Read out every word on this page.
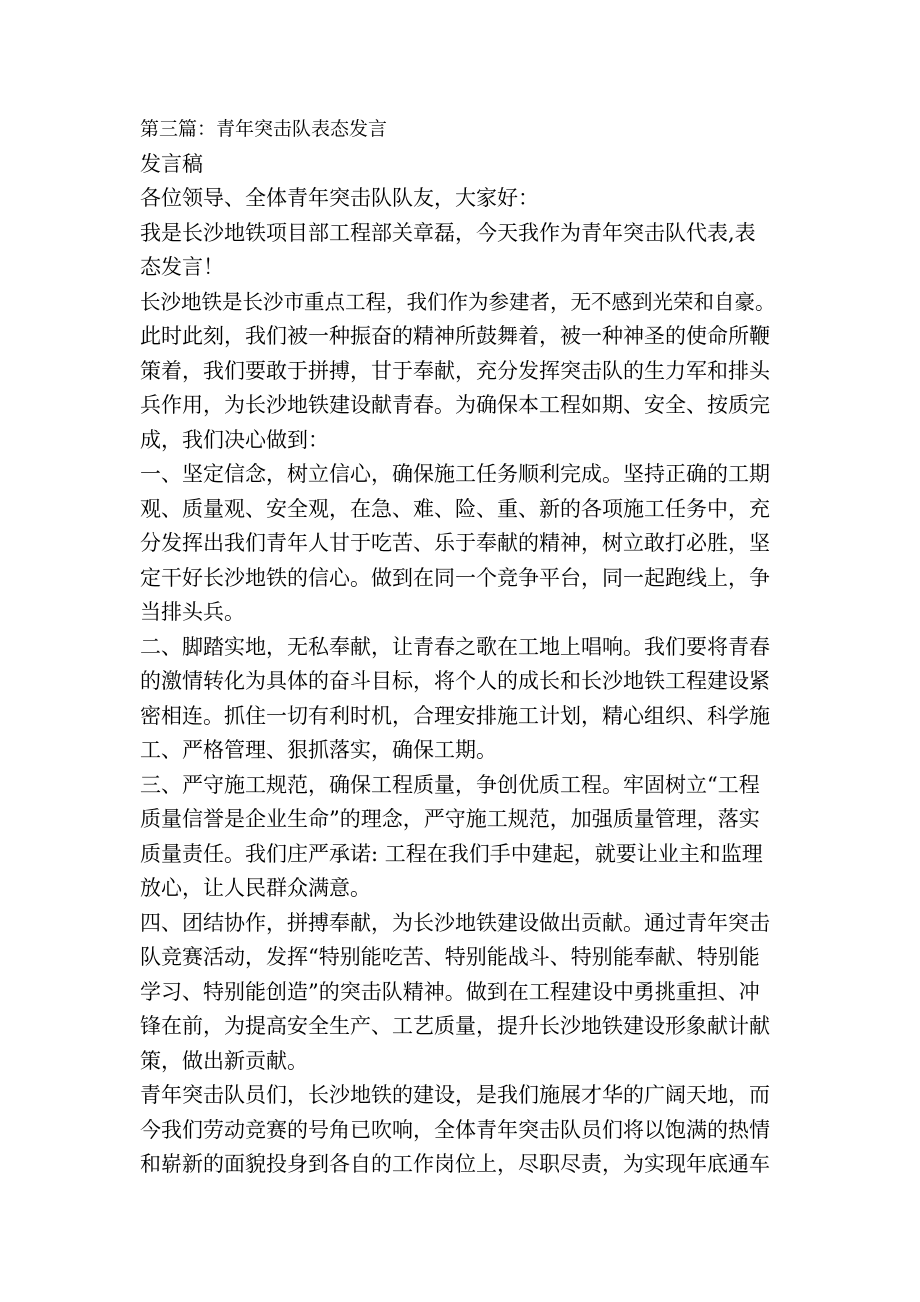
第三篇：青年突击队表态发言
发言稿
各位领导、全体青年突击队队友，大家好：
我是长沙地铁项目部工程部关章磊，今天我作为青年突击队代表,表
态发言！
长沙地铁是长沙市重点工程，我们作为参建者，无不感到光荣和自豪。
此时此刻，我们被一种振奋的精神所鼓舞着，被一种神圣的使命所鞭
策着，我们要敢于拼搏，甘于奉献，充分发挥突击队的生力军和排头
兵作用，为长沙地铁建设献青春。为确保本工程如期、安全、按质完
成，我们决心做到：
一、坚定信念，树立信心，确保施工任务顺利完成。坚持正确的工期
观、质量观、安全观，在急、难、险、重、新的各项施工任务中，充
分发挥出我们青年人甘于吃苦、乐于奉献的精神，树立敢打必胜，坚
定干好长沙地铁的信心。做到在同一个竞争平台，同一起跑线上，争
当排头兵。
二、脚踏实地，无私奉献，让青春之歌在工地上唱响。我们要将青春
的激情转化为具体的奋斗目标，将个人的成长和长沙地铁工程建设紧
密相连。抓住一切有利时机，合理安排施工计划，精心组织、科学施
工、严格管理、狠抓落实，确保工期。
三、严守施工规范，确保工程质量，争创优质工程。牢固树立“工程
质量信誉是企业生命”的理念，严守施工规范，加强质量管理，落实
质量责任。我们庄严承诺: 工程在我们手中建起，就要让业主和监理
放心，让人民群众满意。
四、团结协作，拼搏奉献，为长沙地铁建设做出贡献。通过青年突击
队竞赛活动，发挥“特别能吃苦、特别能战斗、特别能奉献、特别能
学习、特别能创造”的突击队精神。做到在工程建设中勇挑重担、冲
锋在前，为提高安全生产、工艺质量，提升长沙地铁建设形象献计献
策，做出新贡献。
青年突击队员们，长沙地铁的建设，是我们施展才华的广阔天地，而
今我们劳动竞赛的号角已吹响，全体青年突击队员们将以饱满的热情
和崭新的面貌投身到各自的工作岗位上，尽职尽责，为实现年底通车
